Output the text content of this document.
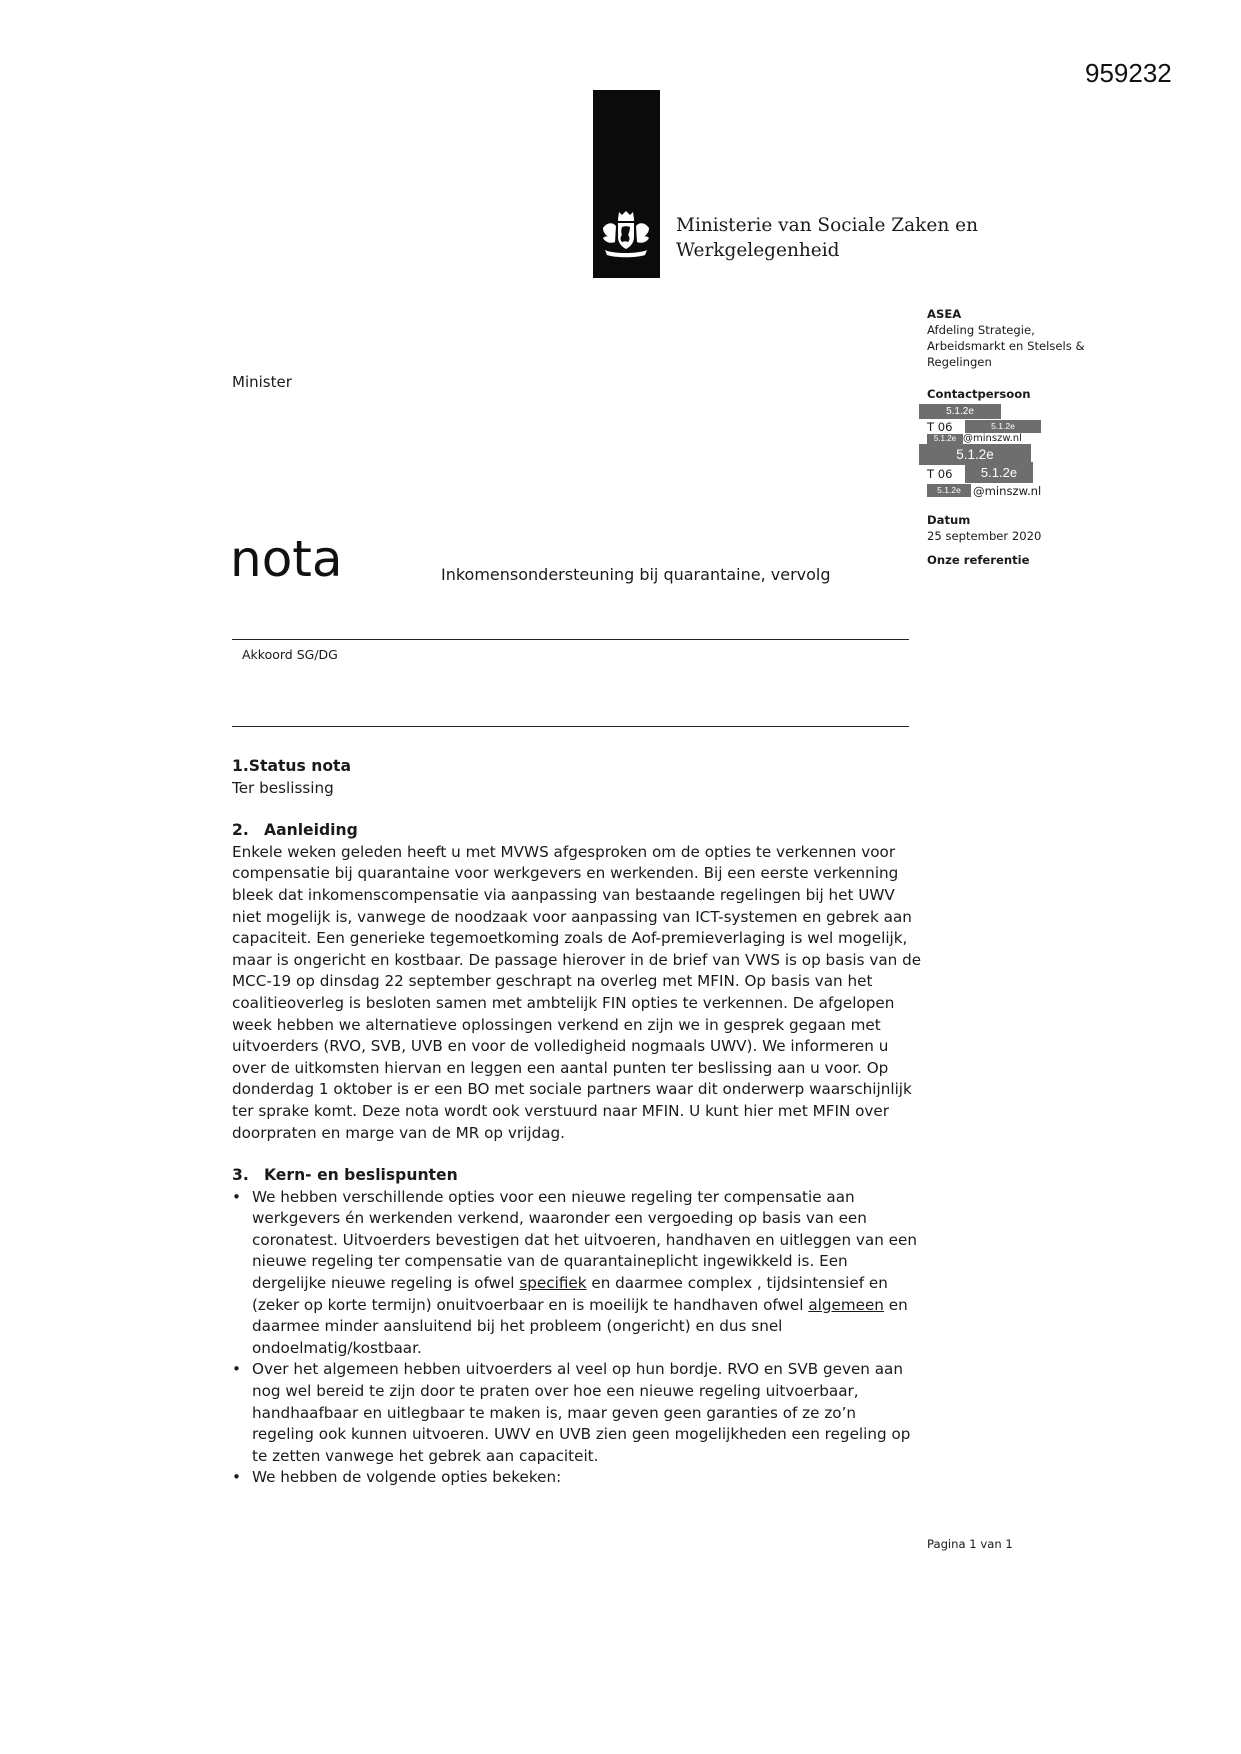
959232
Ministerie van Sociale Zaken en
Werkgelegenheid
Minister
ASEA
Afdeling Strategie,
Arbeidsmarkt en Stelsels &
Regelingen
Contactpersoon
5.1.2e
T 06	5.1.2e
5.1.2e @minszw.nl
5.1.2e
T 06	5.1.2e
5.1.2e	@minszw.nl
Datum
25 september 2020
Onze referentie
nota	Inkomensondersteuning bij quarantaine, vervolg
Akkoord SG/DG

1.Status nota

Ter beslissing

2. Aanleiding

Enkele weken geleden heeft u met MVWS afgesproken om de opties te verkennen voor compensatie bij quarantaine voor werkgevers en werkenden. Bij een eerste verkenning bleek dat inkomenscompensatie via aanpassing van bestaande regelingen bij het UWV niet mogelijk is, vanwege de noodzaak voor aanpassing van ICT-systemen en gebrek aan capaciteit. Een generieke tegemoetkoming zoals de Aof-premieverlaging is wel mogelijk, maar is ongericht en kostbaar. De passage hierover in de brief van VWS is op basis van de MCC-19 op dinsdag 22 september geschrapt na overleg met MFIN. Op basis van het coalitieoverleg is besloten samen met ambtelijk FIN opties te verkennen. De afgelopen week hebben we alternatieve oplossingen verkend en zijn we in gesprek gegaan met uitvoerders (RVO, SVB, UVB en voor de volledigheid nogmaals UWV). We informeren u over de uitkomsten hiervan en leggen een aantal punten ter beslissing aan u voor. Op donderdag 1 oktober is er een BO met sociale partners waar dit onderwerp waarschijnlijk ter sprake komt. Deze nota wordt ook verstuurd naar MFIN. U kunt hier met MFIN over doorpraten en marge van de MR op vrijdag.

3. Kern- en beslispunten

• We hebben verschillende opties voor een nieuwe regeling ter compensatie aan werkgevers én werkenden verkend, waaronder een vergoeding op basis van een coronatest. Uitvoerders bevestigen dat het uitvoeren, handhaven en uitleggen van een nieuwe regeling ter compensatie van de quarantaineplicht ingewikkeld is. Een dergelijke nieuwe regeling is ofwel specifiek en daarmee complex , tijdsintensief en (zeker op korte termijn) onuitvoerbaar en is moeilijk te handhaven ofwel algemeen en daarmee minder aansluitend bij het probleem (ongericht) en dus snel ondoelmatig/kostbaar.
• Over het algemeen hebben uitvoerders al veel op hun bordje. RVO en SVB geven aan nog wel bereid te zijn door te praten over hoe een nieuwe regeling uitvoerbaar, handhaafbaar en uitlegbaar te maken is, maar geven geen garanties of ze zo’n regeling ook kunnen uitvoeren. UWV en UVB zien geen mogelijkheden een regeling op te zetten vanwege het gebrek aan capaciteit.
• We hebben de volgende opties bekeken:
Pagina 1 van 1
